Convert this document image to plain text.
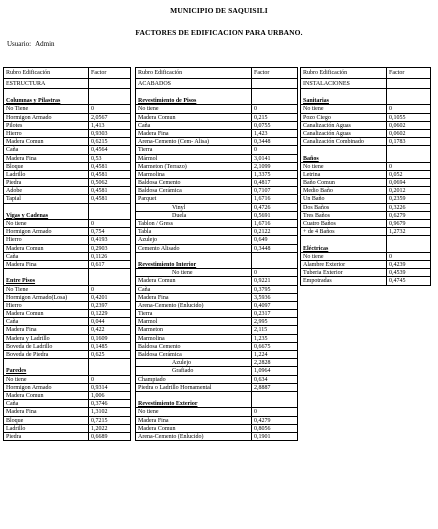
MUNICIPIO DE SAQUISILI
FACTORES DE EDIFICACION PARA URBANO.
Usuario: Admin
Rubro Edificación	Factor
ESTRUCTURA
Columnas y Pilastras
No Tiene	0
Hormigon Armado	2,0567
Pilotes	1,413
Hierro	0,9303
Madera Comun	0,6215
Caña	0,4564
Madera Fina	0,53
Bloque	0,4581
Ladrillo	0,4581
Piedra	0,5062
Adobe	0,4581
Tapial	0,4581
Vigas y Cadenas
No tiene	0
Hormigon Armado	0,754
Hierro	0,4193
Madera Comun	0,2903
Caña	0,1126
Madera Fina	0,617
Entre Pisos
No Tiene	0
Hormigon Armado(Losa)	0,4201
Hierro	0,2397
Madera Comun	0,1229
Caña	0,044
Madera Fina	0,422
Madera y Ladrillo	0,1609
Boveda de Ladrillo	0,1485
Boveda de Piedra	0,625
Paredes
No tiene	0
Hormigon Armado	0,9314
Madera Comun	1,006
Caña	0,3746
Madera Fina	1,3102
Bloque	0,7215
Ladrillo	1,2022
Piedra	0,6689
Rubro Edificación	Factor
ACABADOS
Revestimiento de Pisos
No tiene	0
Madera Comun	0,215
Caña	0,0755
Madera Fina	1,423
Arena-Cemento (Cem- Alisa)	0,3448
Tierra	0
Mármol	3,0141
Marmeton (Terrazo)	2,1099
Marmolina	1,3375
Baldosa Cemento	0,4817
Baldosa Cerámica	0,7107
Parquet	1,6716
Vinyl	0,4726
Duela	0,5691
Tablon / Gress	1,6716
Tabla	0,2122
Azulejo	0,649
Cemento Alisado	0,3448
Revestimiento Interior
No tiene	0
Madera Comun	0,9221
Caña	0,3795
Madera Fina	3,5936
Arena-Cemento (Enlucido)	0,4097
Tierra	0,2317
Marmol	2,995
Marmeton	2,115
Marmolina	1,235
Baldosa Cemento	0,6675
Baldosa Cerámica	1,224
Azulejo	2,2828
Grafiado	1,0964
Champiado	0,634
Piedra o Ladrillo Hornamental	2,8887
Revestimiento Exterior
No tiene	0
Madera Fina	0,4279
Madera Comun	0,8056
Arena-Cemento (Enlucido)	0,1901
Rubro Edificación	Factor
INSTALACIONES
Sanitarias
No tiene	0
Pozo Ciego	0,1055
Canalización Aguas	0,0602
Canalización Aguas	0,0602
Canalización Combinado	0,1783
Baños
No tiene	0
Letrina	0,052
Baño Comun	0,0694
Medio Baño	0,2012
Un Baño	0,2359
Dos Baños	0,3226
Tres Baños	0,6279
Cuatro Baños	0,9679
+ de 4 Baños	1,2732
Eléctricas
No tiene	0
Alambre Exterior	0,4239
Tuberia Exterior	0,4539
Empotradas	0,4745
